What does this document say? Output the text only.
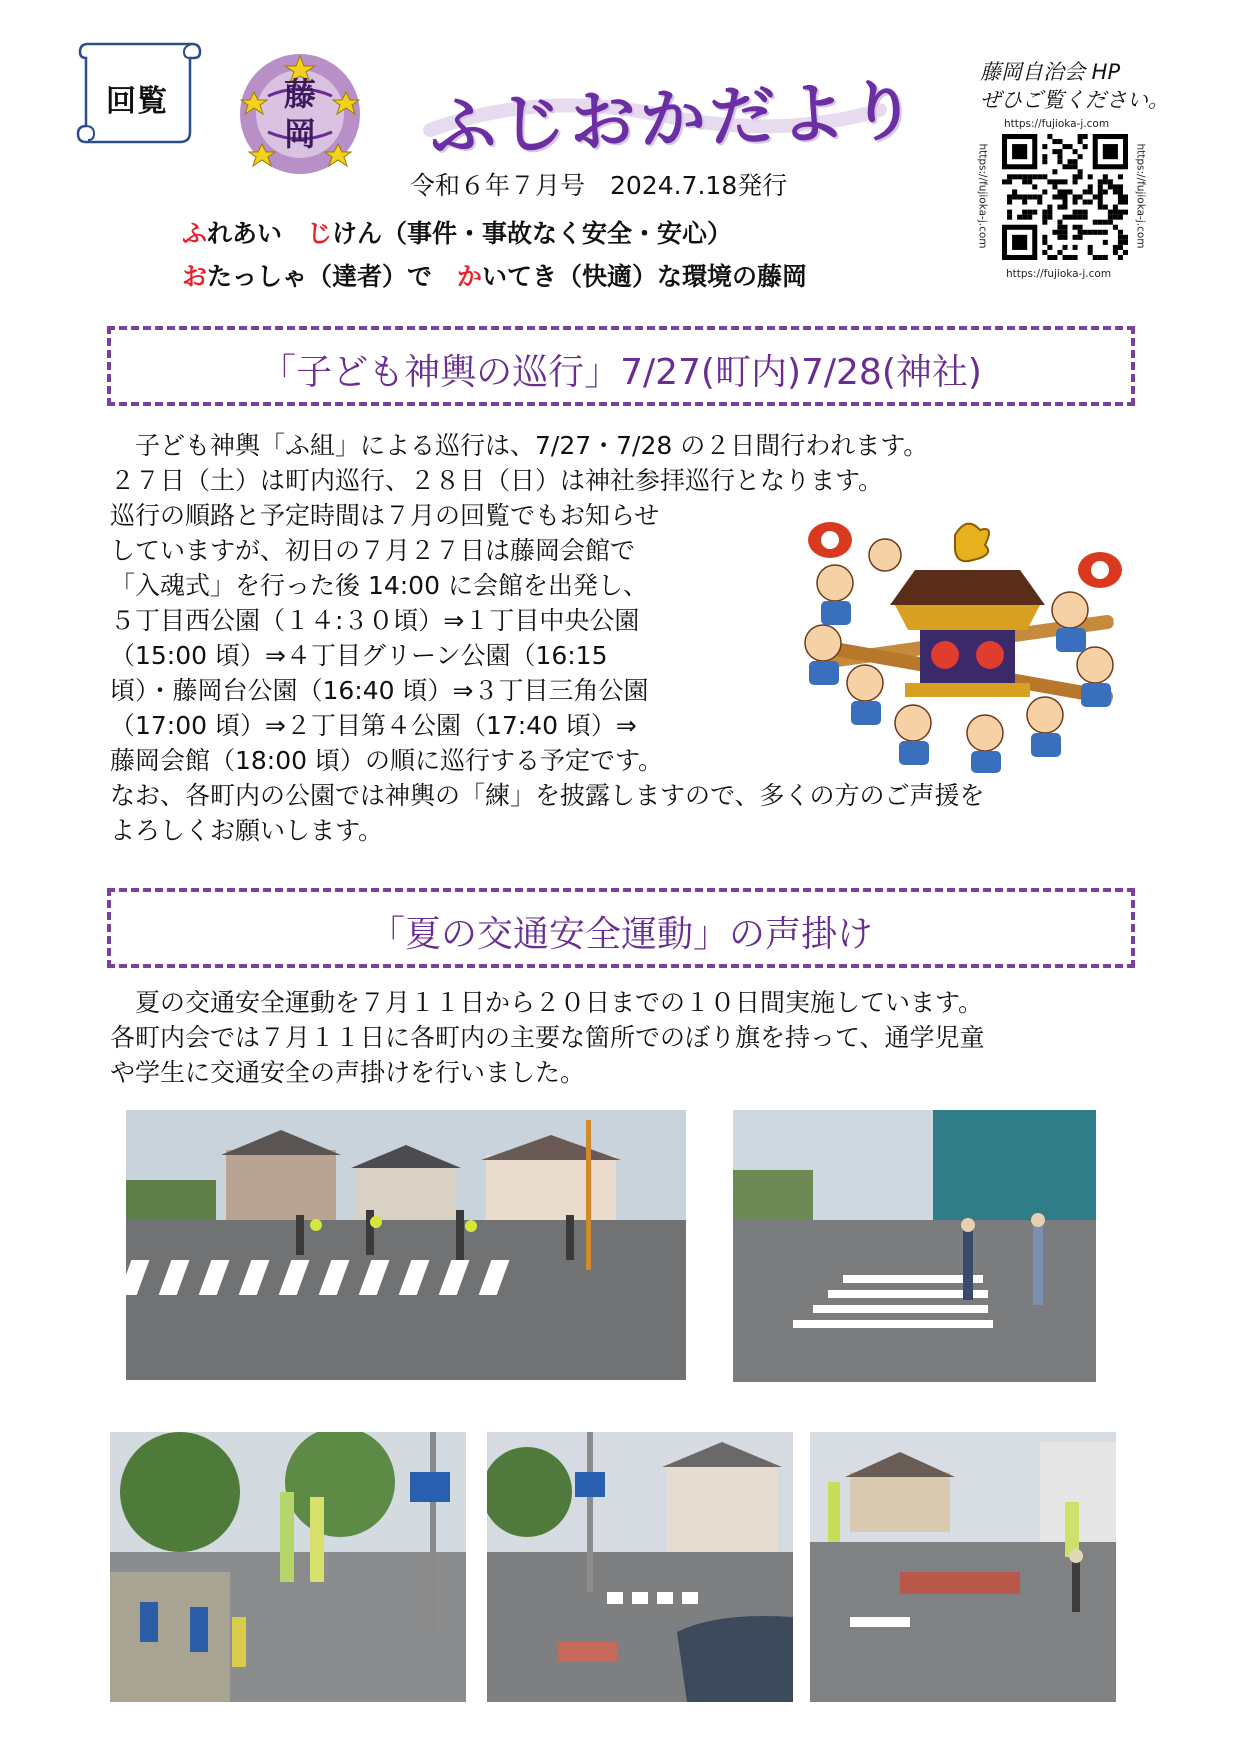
回覧	藤岡 ふじおかだより
令和６年７月号　2024.7.18発行
ふれあい　じけん（事件・事故なく安全・安心）
おたっしゃ（達者）で　かいてき（快適）な環境の藤岡
藤岡自治会 HP
ぜひご覧ください。
https://fujioka-j.com
https://fujioka-j.com
https://fujioka-j.com	https://fujioka-j.com
「子ども神輿の巡行」7/27(町内)7/28(神社)
　子ども神輿「ふ組」による巡行は、7/27・7/28 の２日間行われます。
２７日（土）は町内巡行、２８日（日）は神社参拝巡行となります。
巡行の順路と予定時間は７月の回覧でもお知らせ
していますが、初日の７月２７日は藤岡会館で
「入魂式」を行った後 14:00 に会館を出発し、
５丁目西公園（１４:３０頃）⇒１丁目中央公園
（15:00 頃）⇒４丁目グリーン公園（16:15
頃）・藤岡台公園（16:40 頃）⇒３丁目三角公園
（17:00 頃）⇒２丁目第４公園（17:40 頃）⇒
藤岡会館（18:00 頃）の順に巡行する予定です。
なお、各町内の公園では神輿の「練」を披露しますので、多くの方のご声援を
よろしくお願いします。
「夏の交通安全運動」の声掛け
　夏の交通安全運動を７月１１日から２０日までの１０日間実施しています。
各町内会では７月１１日に各町内の主要な箇所でのぼり旗を持って、通学児童
や学生に交通安全の声掛けを行いました。
